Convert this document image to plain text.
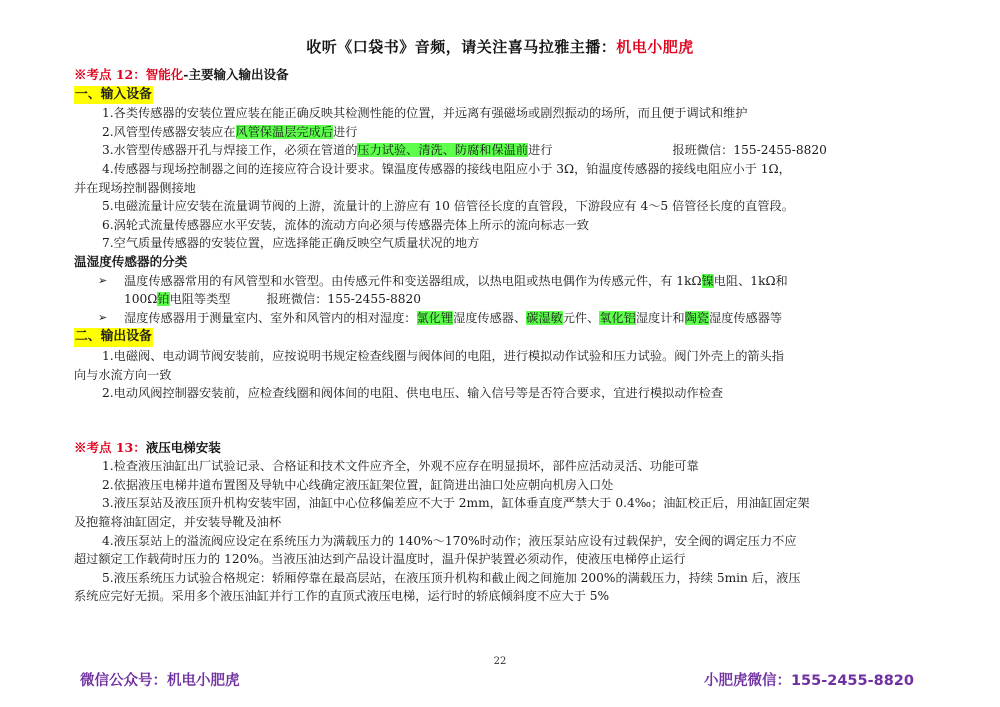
收听《口袋书》音频，请关注喜马拉雅主播：机电小肥虎
※考点 12：智能化-主要输入输出设备
一、输入设备
1.各类传感器的安装位置应装在能正确反映其检测性能的位置，并远离有强磁场或剧烈振动的场所，而且便于调试和维护
2.风管型传感器安装应在风管保温层完成后进行
3.水管型传感器开孔与焊接工作，必须在管道的压力试验、清洗、防腐和保温前进行	报班微信：155-2455-8820
4.传感器与现场控制器之间的连接应符合设计要求。镍温度传感器的接线电阻应小于 3Ω，铂温度传感器的接线电阻应小于 1Ω，
并在现场控制器侧接地
5.电磁流量计应安装在流量调节阀的上游，流量计的上游应有 10 倍管径长度的直管段，下游段应有 4～5 倍管径长度的直管段。
6.涡轮式流量传感器应水平安装，流体的流动方向必须与传感器壳体上所示的流向标志一致
7.空气质量传感器的安装位置，应选择能正确反映空气质量状况的地方
温湿度传感器的分类
➢	温度传感器常用的有风管型和水管型。由传感元件和变送器组成，以热电阻或热电偶作为传感元件，有 1kΩ镍电阻、1kΩ和
100Ω铂电阻等类型	报班微信：155-2455-8820
➢	湿度传感器用于测量室内、室外和风管内的相对湿度：氯化锂湿度传感器、碳湿敏元件、氧化铝湿度计和陶瓷湿度传感器等
二、输出设备
1.电磁阀、电动调节阀安装前，应按说明书规定检查线圈与阀体间的电阻，进行模拟动作试验和压力试验。阀门外壳上的箭头指
向与水流方向一致
2.电动风阀控制器安装前，应检查线圈和阀体间的电阻、供电电压、输入信号等是否符合要求，宜进行模拟动作检查
※考点 13：液压电梯安装
1.检查液压油缸出厂试验记录、合格证和技术文件应齐全，外观不应存在明显损坏，部件应活动灵活、功能可靠
2.依据液压电梯井道布置图及导轨中心线确定液压缸架位置，缸筒进出油口处应朝向机房入口处
3.液压泵站及液压顶升机构安装牢固，油缸中心位移偏差应不大于 2mm，缸体垂直度严禁大于 0.4‰；油缸校正后，用油缸固定架
及抱箍将油缸固定，并安装导靴及油杯
4.液压泵站上的溢流阀应设定在系统压力为满载压力的 140%～170%时动作；液压泵站应设有过载保护，安全阀的调定压力不应
超过额定工作载荷时压力的 120%。当液压油达到产品设计温度时，温升保护装置必须动作，使液压电梯停止运行
5.液压系统压力试验合格规定：轿厢停靠在最高层站，在液压顶升机构和截止阀之间施加 200%的满载压力，持续 5min 后，液压
系统应完好无损。采用多个液压油缸并行工作的直顶式液压电梯，运行时的轿底倾斜度不应大于 5%
22
微信公众号：机电小肥虎	小肥虎微信：155-2455-8820
